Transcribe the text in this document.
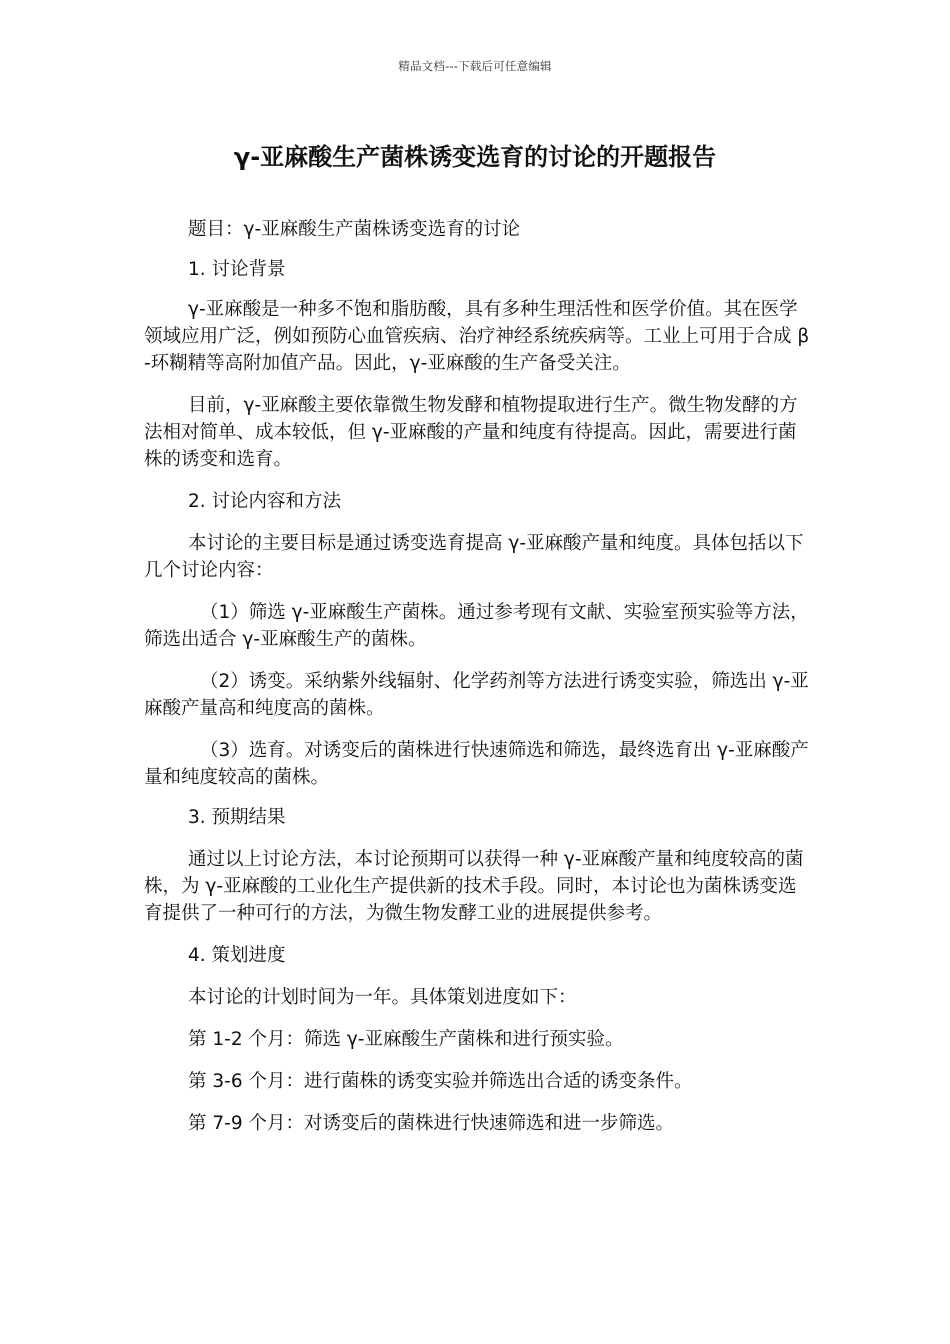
精品文档---下载后可任意编辑
γ-亚麻酸生产菌株诱变选育的讨论的开题报告

题目：γ-亚麻酸生产菌株诱变选育的讨论

1. 讨论背景

γ-亚麻酸是一种多不饱和脂肪酸，具有多种生理活性和医学价值。其在医学领域应用广泛，例如预防心血管疾病、治疗神经系统疾病等。工业上可用于合成 β-环糊精等高附加值产品。因此，γ-亚麻酸的生产备受关注。

目前，γ-亚麻酸主要依靠微生物发酵和植物提取进行生产。微生物发酵的方法相对简单、成本较低，但 γ-亚麻酸的产量和纯度有待提高。因此，需要进行菌株的诱变和选育。

2. 讨论内容和方法

本讨论的主要目标是通过诱变选育提高 γ-亚麻酸产量和纯度。具体包括以下几个讨论内容：

（1）筛选 γ-亚麻酸生产菌株。通过参考现有文献、实验室预实验等方法，筛选出适合 γ-亚麻酸生产的菌株。

（2）诱变。采纳紫外线辐射、化学药剂等方法进行诱变实验，筛选出 γ-亚麻酸产量高和纯度高的菌株。

（3）选育。对诱变后的菌株进行快速筛选和筛选，最终选育出 γ-亚麻酸产量和纯度较高的菌株。

3. 预期结果

通过以上讨论方法，本讨论预期可以获得一种 γ-亚麻酸产量和纯度较高的菌株，为 γ-亚麻酸的工业化生产提供新的技术手段。同时，本讨论也为菌株诱变选育提供了一种可行的方法，为微生物发酵工业的进展提供参考。

4. 策划进度

本讨论的计划时间为一年。具体策划进度如下：

第 1-2 个月：筛选 γ-亚麻酸生产菌株和进行预实验。

第 3-6 个月：进行菌株的诱变实验并筛选出合适的诱变条件。

第 7-9 个月：对诱变后的菌株进行快速筛选和进一步筛选。
